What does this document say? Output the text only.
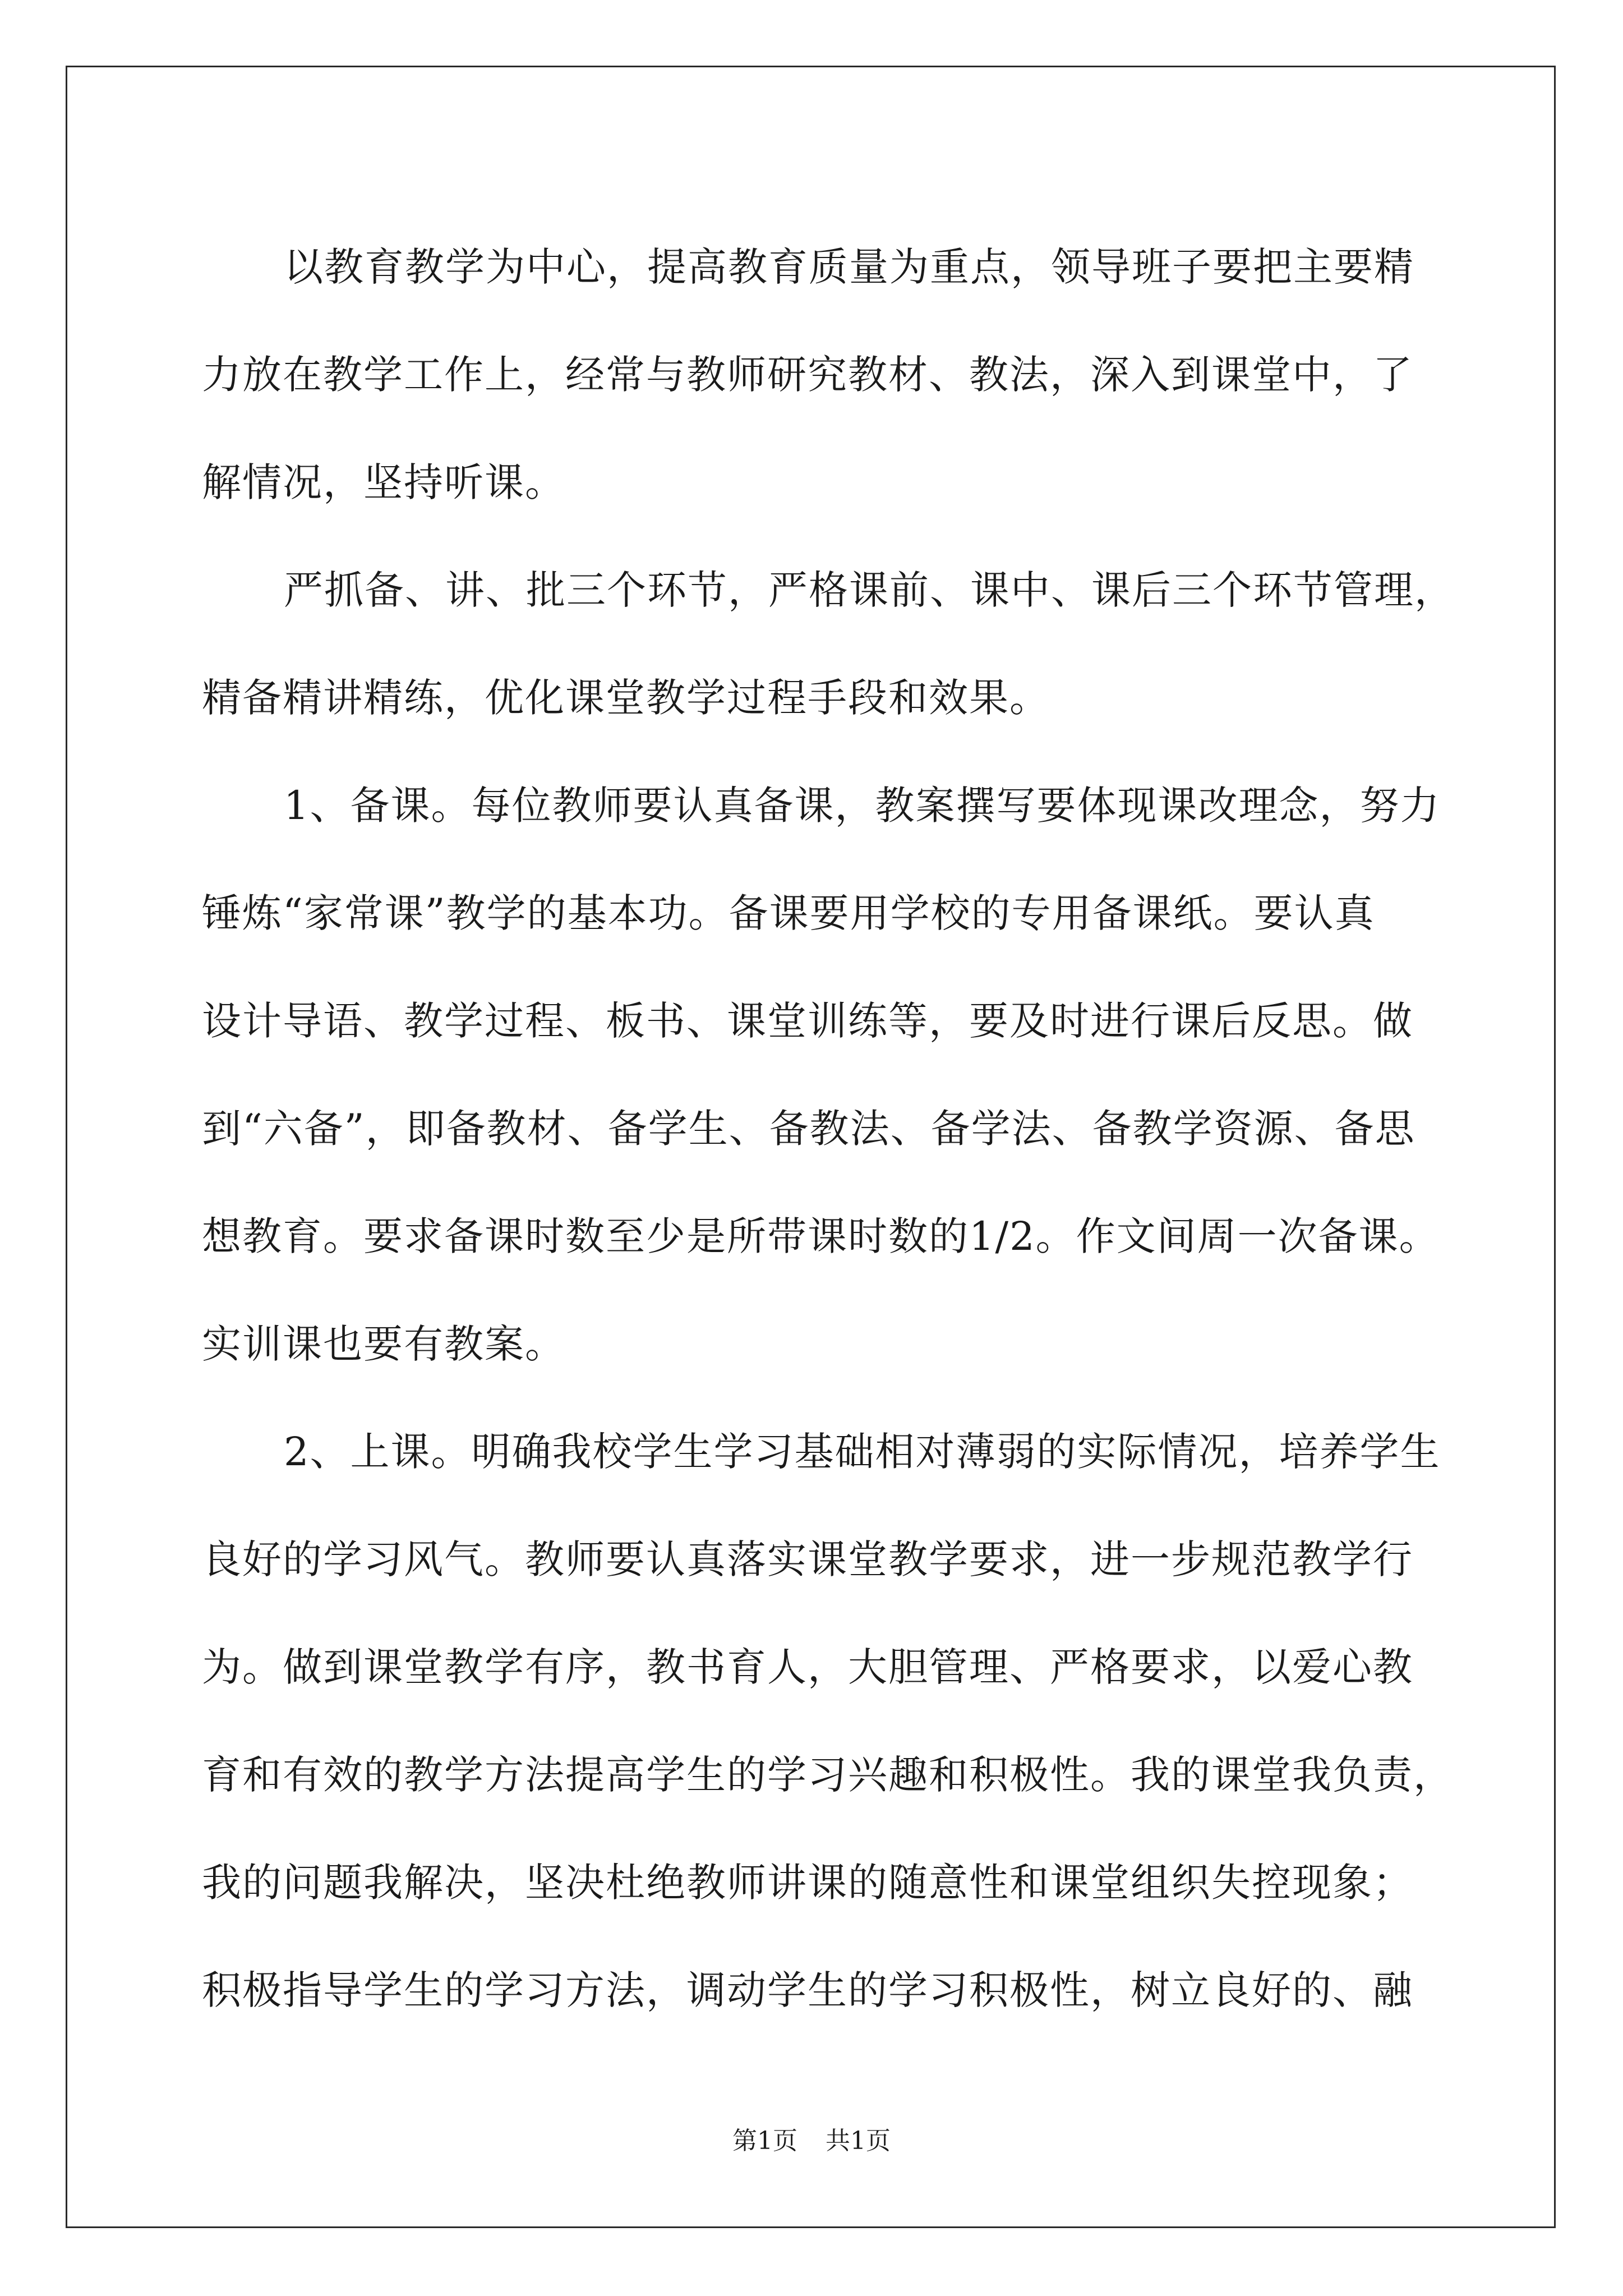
以教育教学为中心，提高教育质量为重点，领导班子要把主要精
力放在教学工作上，经常与教师研究教材、教法，深入到课堂中，了
解情况，坚持听课。
严抓备、讲、批三个环节，严格课前、课中、课后三个环节管理，
精备精讲精练，优化课堂教学过程手段和效果。
1、备课。每位教师要认真备课，教案撰写要体现课改理念，努力
锤炼“家常课”教学的基本功。备课要用学校的专用备课纸。要认真
设计导语、教学过程、板书、课堂训练等，要及时进行课后反思。做
到“六备”，即备教材、备学生、备教法、备学法、备教学资源、备思
想教育。要求备课时数至少是所带课时数的1/2。作文间周一次备课。
实训课也要有教案。
2、上课。明确我校学生学习基础相对薄弱的实际情况，培养学生
良好的学习风气。教师要认真落实课堂教学要求，进一步规范教学行
为。做到课堂教学有序，教书育人，大胆管理、严格要求，以爱心教
育和有效的教学方法提高学生的学习兴趣和积极性。我的课堂我负责，
我的问题我解决，坚决杜绝教师讲课的随意性和课堂组织失控现象；
积极指导学生的学习方法，调动学生的学习积极性，树立良好的、融
第1页 共1页
